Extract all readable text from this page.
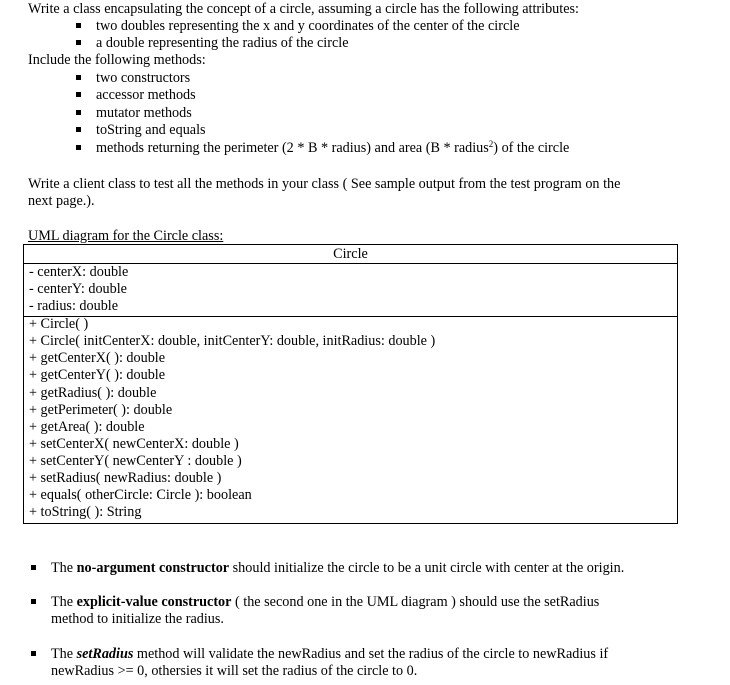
Write a class encapsulating the concept of a circle, assuming a circle has the following attributes:
two doubles representing the x and y coordinates of the center of the circle
a double representing the radius of the circle
Include the following methods:
two constructors
accessor methods
mutator methods
toString and equals
methods returning the perimeter (2 * B * radius) and area (B * radius$^2$) of the circle
Write a client class to test all the methods in your class ( See sample output from the test program on the
next page.).
UML diagram for the Circle class:
Circle
- centerX: double
- centerY: double
- radius: double
+ Circle( )
+ Circle( initCenterX: double, initCenterY: double, initRadius: double )
+ getCenterX( ): double
+ getCenterY( ): double
+ getRadius( ): double
+ getPerimeter( ): double
+ getArea( ): double
+ setCenterX( newCenterX: double )
+ setCenterY( newCenterY : double )
+ setRadius( newRadius: double )
+ equals( otherCircle: Circle ): boolean
+ toString( ): String
The no-argument constructor should initialize the circle to be a unit circle with center at the origin.
The explicit-value constructor ( the second one in the UML diagram ) should use the setRadius
method to initialize the radius.
The setRadius method will validate the newRadius and set the radius of the circle to newRadius if
newRadius >= 0, othersies it will set the radius of the circle to 0.
